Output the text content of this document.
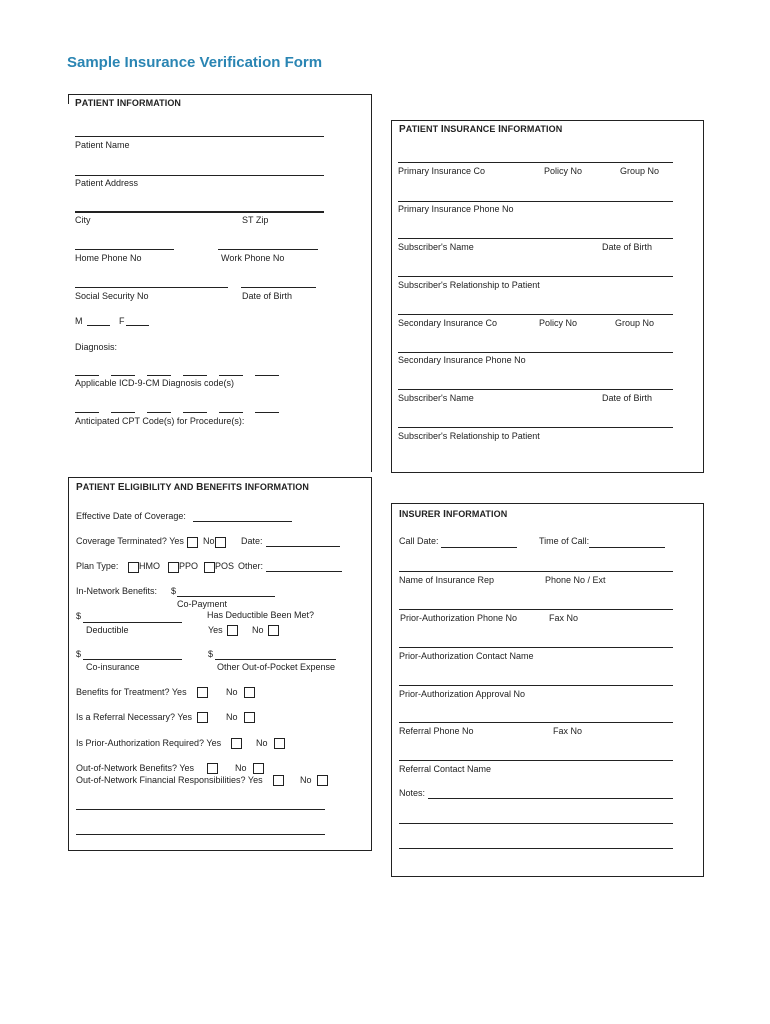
Sample Insurance Verification Form
PATIENT INFORMATION
Patient Name
Patient Address
City	ST Zip
Home Phone No	Work Phone No
Social Security No	Date of Birth
M	F
Diagnosis:
Applicable ICD-9-CM Diagnosis code(s)
Anticipated CPT Code(s) for Procedure(s):
PATIENT INSURANCE INFORMATION
Primary Insurance Co	Policy No	Group No
Primary Insurance Phone No
Subscriber's Name	Date of Birth
Subscriber's Relationship to Patient
Secondary Insurance Co	Policy No	Group No
Secondary Insurance Phone No
Subscriber's Name	Date of Birth
Subscriber's Relationship to Patient
PATIENT ELIGIBILITY AND BENEFITS INFORMATION
Effective Date of Coverage:
Coverage Terminated? Yes No	Date:
Plan Type: HMO PPO POS Other:
In-Network Benefits: $
Co-Payment
$	Has Deductible Been Met?
Deductible	Yes	No
$	$
Co-insurance	Other Out-of-Pocket Expense
Benefits for Treatment? Yes	No
Is a Referral Necessary? Yes	No
Is Prior-Authorization Required? Yes	No
Out-of-Network Benefits? Yes	No
Out-of-Network Financial Responsibilities? Yes	No
INSURER INFORMATION
Call Date:	Time of Call:
Name of Insurance Rep	Phone No / Ext
Prior-Authorization Phone No	Fax No
Prior-Authorization Contact Name
Prior-Authorization Approval No
Referral Phone No	Fax No
Referral Contact Name
Notes:
